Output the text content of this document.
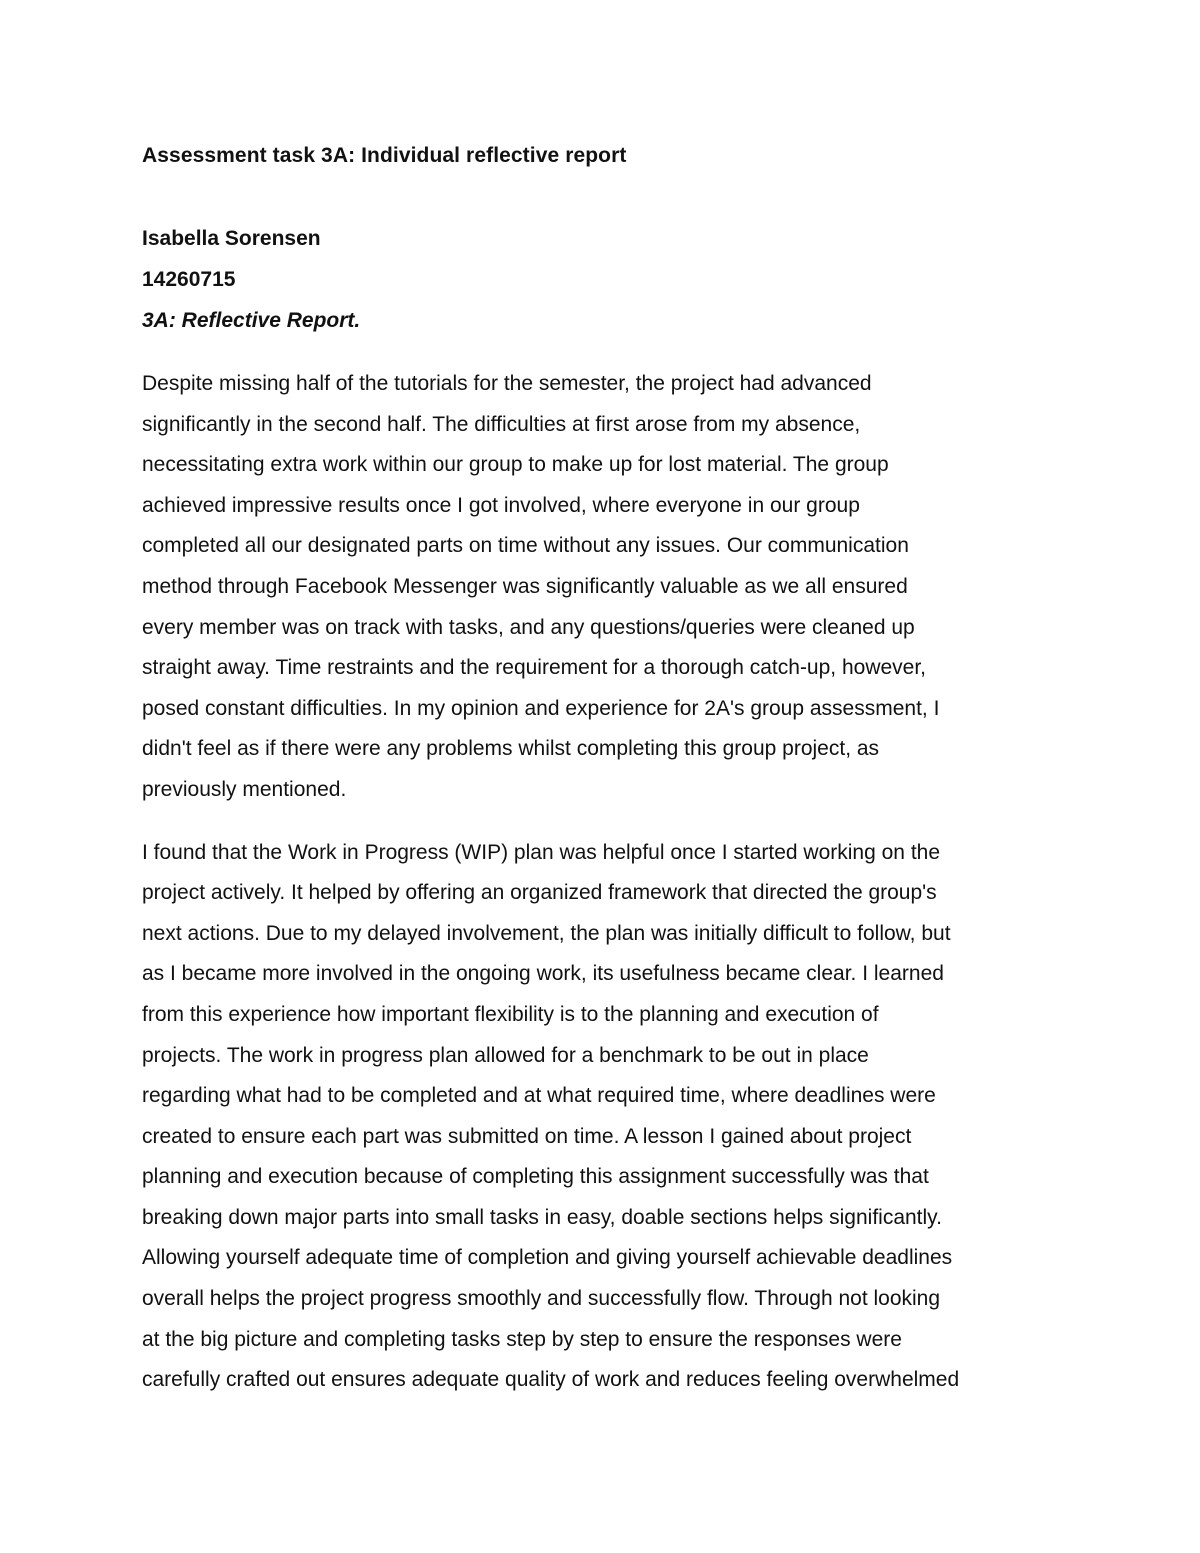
Assessment task 3A: Individual reflective report

Isabella Sorensen

14260715

3A: Reflective Report.

Despite missing half of the tutorials for the semester, the project had advanced
significantly in the second half. The difficulties at first arose from my absence,
necessitating extra work within our group to make up for lost material. The group
achieved impressive results once I got involved, where everyone in our group
completed all our designated parts on time without any issues. Our communication
method through Facebook Messenger was significantly valuable as we all ensured
every member was on track with tasks, and any questions/queries were cleaned up
straight away. Time restraints and the requirement for a thorough catch-up, however,
posed constant difficulties. In my opinion and experience for 2A's group assessment, I
didn't feel as if there were any problems whilst completing this group project, as
previously mentioned.

I found that the Work in Progress (WIP) plan was helpful once I started working on the
project actively. It helped by offering an organized framework that directed the group's
next actions. Due to my delayed involvement, the plan was initially difficult to follow, but
as I became more involved in the ongoing work, its usefulness became clear. I learned
from this experience how important flexibility is to the planning and execution of
projects. The work in progress plan allowed for a benchmark to be out in place
regarding what had to be completed and at what required time, where deadlines were
created to ensure each part was submitted on time. A lesson I gained about project
planning and execution because of completing this assignment successfully was that
breaking down major parts into small tasks in easy, doable sections helps significantly.
Allowing yourself adequate time of completion and giving yourself achievable deadlines
overall helps the project progress smoothly and successfully flow. Through not looking
at the big picture and completing tasks step by step to ensure the responses were
carefully crafted out ensures adequate quality of work and reduces feeling overwhelmed
